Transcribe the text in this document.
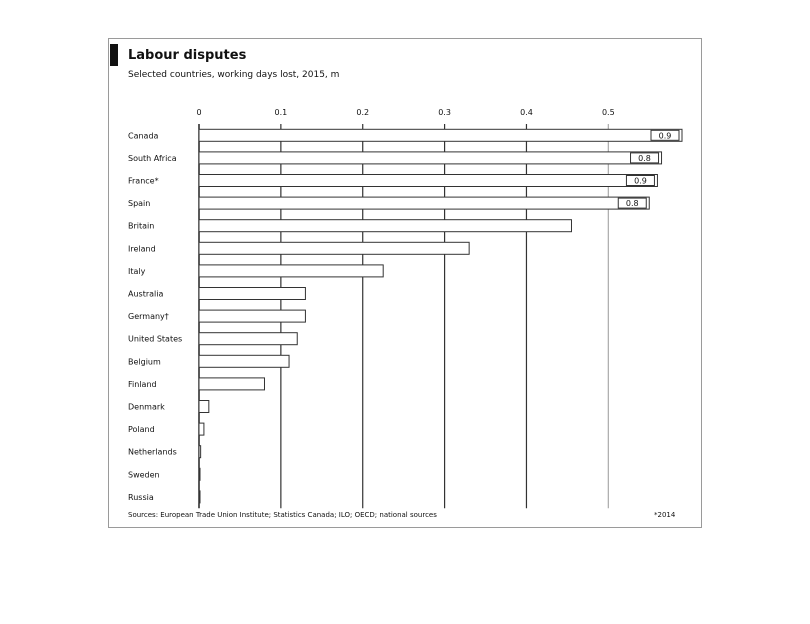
Labour disputes
Selected countries, working days lost, 2015, m
0	0.1	0.2	0.3	0.4	0.5
Canada	0.9
South Africa	0.8
France*	0.9
Spain	0.8
Britain
Ireland
Italy
Australia
Germany†
United States
Belgium
Finland
Denmark
Poland
Netherlands
Sweden
Russia
Sources: European Trade Union Institute; Statistics Canada; ILO; OECD; national sources	*2014
